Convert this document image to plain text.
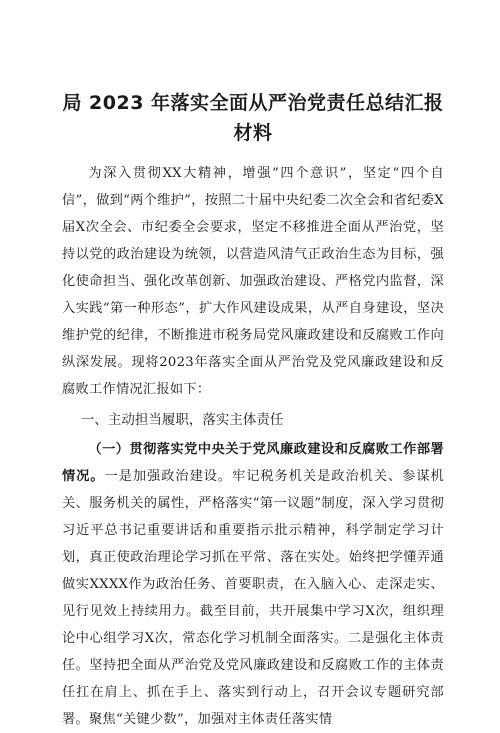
局 2023 年落实全面从严治党责任总结汇报材料

为深入贯彻XX大精神，增强“四个意识”，坚定“四个自信”，做到“两个维护”，按照二十届中央纪委二次全会和省纪委X届X次全会、市纪委全会要求，坚定不移推进全面从严治党，坚持以党的政治建设为统领，以营造风清气正政治生态为目标，强化使命担当、强化改革创新、加强政治建设、严格党内监督，深入实践“第一种形态”，扩大作风建设成果，从严自身建设，坚决维护党的纪律，不断推进市税务局党风廉政建设和反腐败工作向纵深发展。现将2023年落实全面从严治党及党风廉政建设和反腐败工作情况汇报如下：

一、主动担当履职，落实主体责任

（一）贯彻落实党中央关于党风廉政建设和反腐败工作部署情况。一是加强政治建设。牢记税务机关是政治机关、参谋机关、服务机关的属性，严格落实“第一议题”制度，深入学习贯彻习近平总书记重要讲话和重要指示批示精神，科学制定学习计划，真正使政治理论学习抓在平常、落在实处。始终把学懂弄通做实XXXX作为政治任务、首要职责，在入脑入心、走深走实、见行见效上持续用力。截至目前，共开展集中学习X次，组织理论中心组学习X次，常态化学习机制全面落实。二是强化主体责任。坚持把全面从严治党及党风廉政建设和反腐败工作的主体责任扛在肩上、抓在手上、落实到行动上，召开会议专题研究部署。聚焦“关键少数”，加强对主体责任落实情
